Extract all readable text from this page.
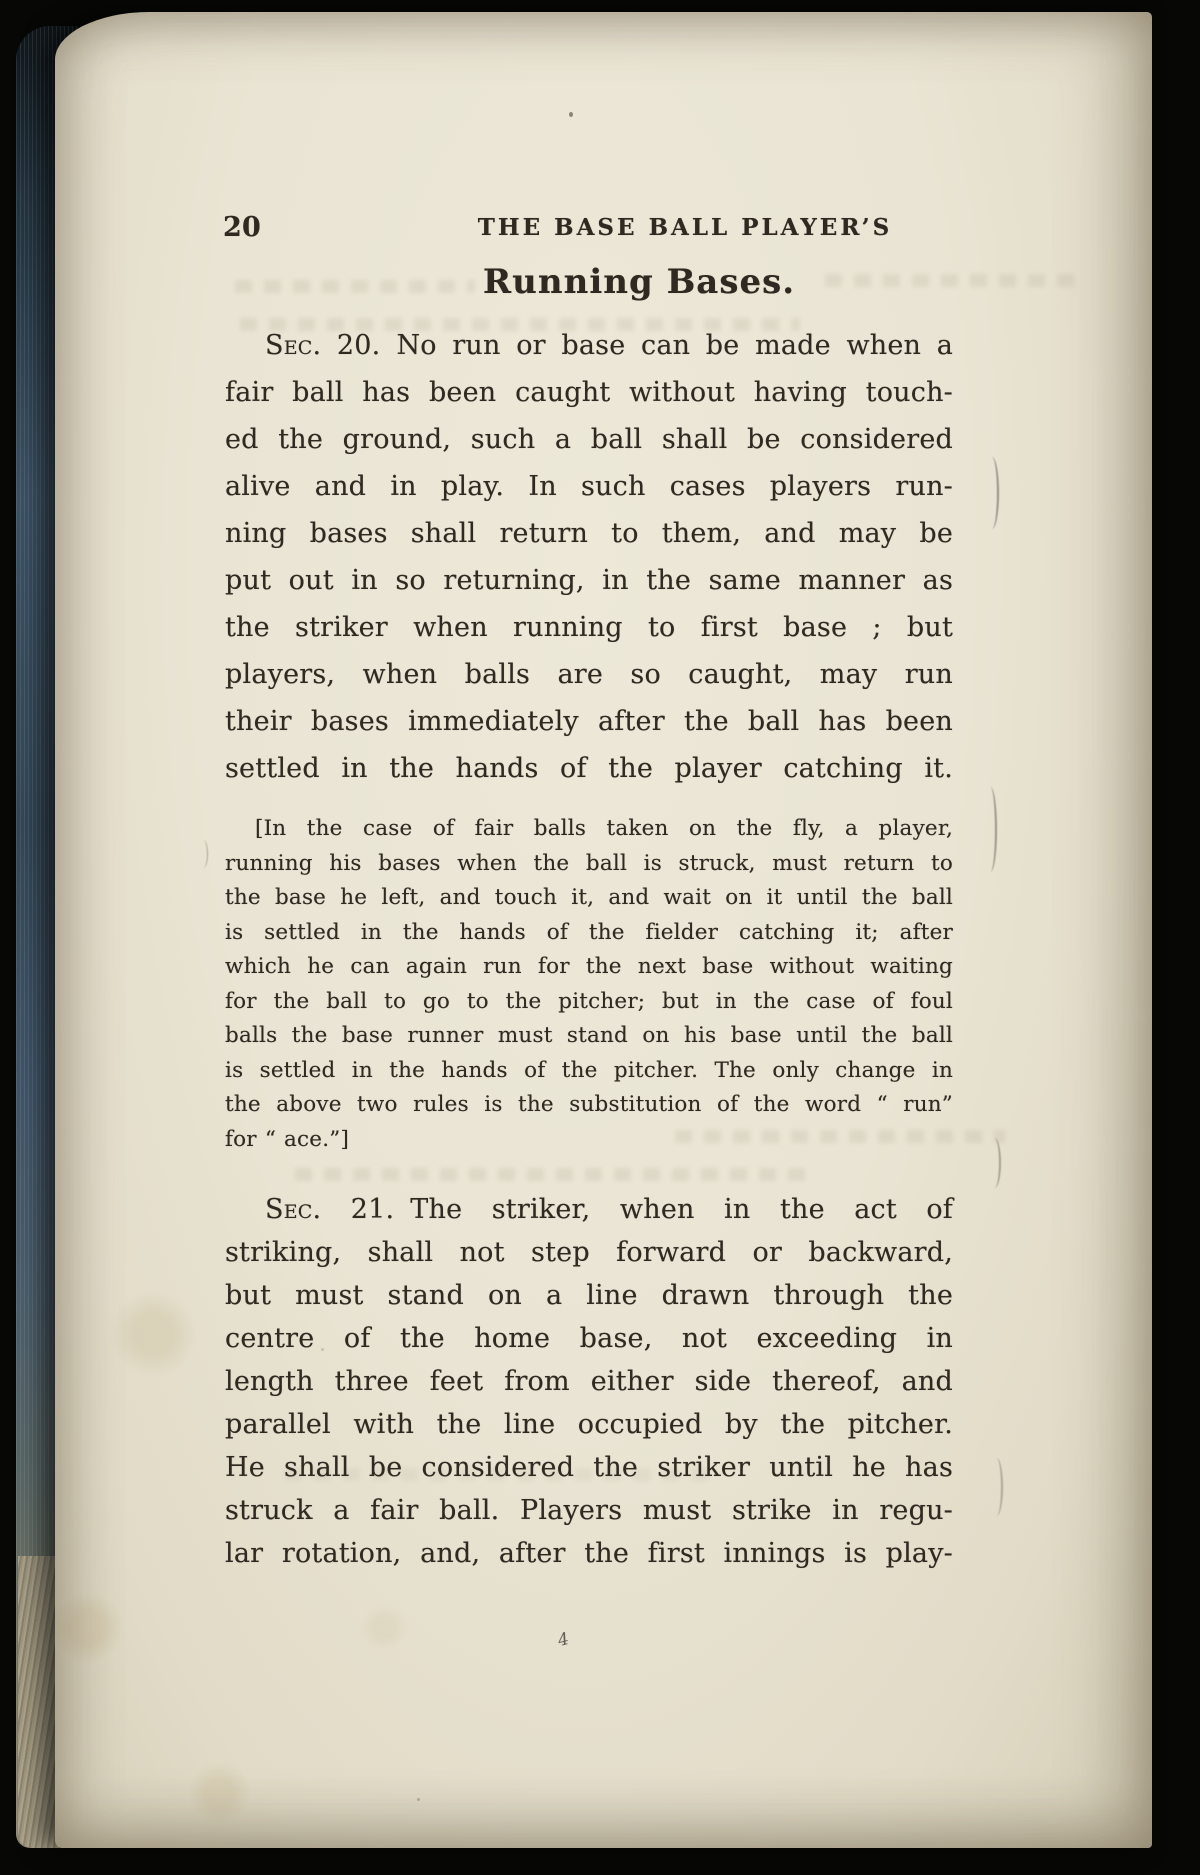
20	THE BASE BALL PLAYER’S
Running Bases.
Sec. 20. No run or base can be made when a
fair ball has been caught without having touch-
ed the ground, such a ball shall be considered
alive and in play. In such cases players run-
ning bases shall return to them, and may be
put out in so returning, in the same manner as
the striker when running to first base ; but
players, when balls are so caught, may run
their bases immediately after the ball has been
settled in the hands of the player catching it.
[In the case of fair balls taken on the fly, a player,
running his bases when the ball is struck, must return to
the base he left, and touch it, and wait on it until the ball
is settled in the hands of the fielder catching it; after
which he can again run for the next base without waiting
for the ball to go to the pitcher; but in the case of foul
balls the base runner must stand on his base until the ball
is settled in the hands of the pitcher. The only change in
the above two rules is the substitution of the word “ run”
for “ ace.”]
Sec. 21. The striker, when in the act of
striking, shall not step forward or backward,
but must stand on a line drawn through the
centre of the home base, not exceeding in
length three feet from either side thereof, and
parallel with the line occupied by the pitcher.
He shall be considered the striker until he has
struck a fair ball. Players must strike in regu-
lar rotation, and, after the first innings is play-
4
